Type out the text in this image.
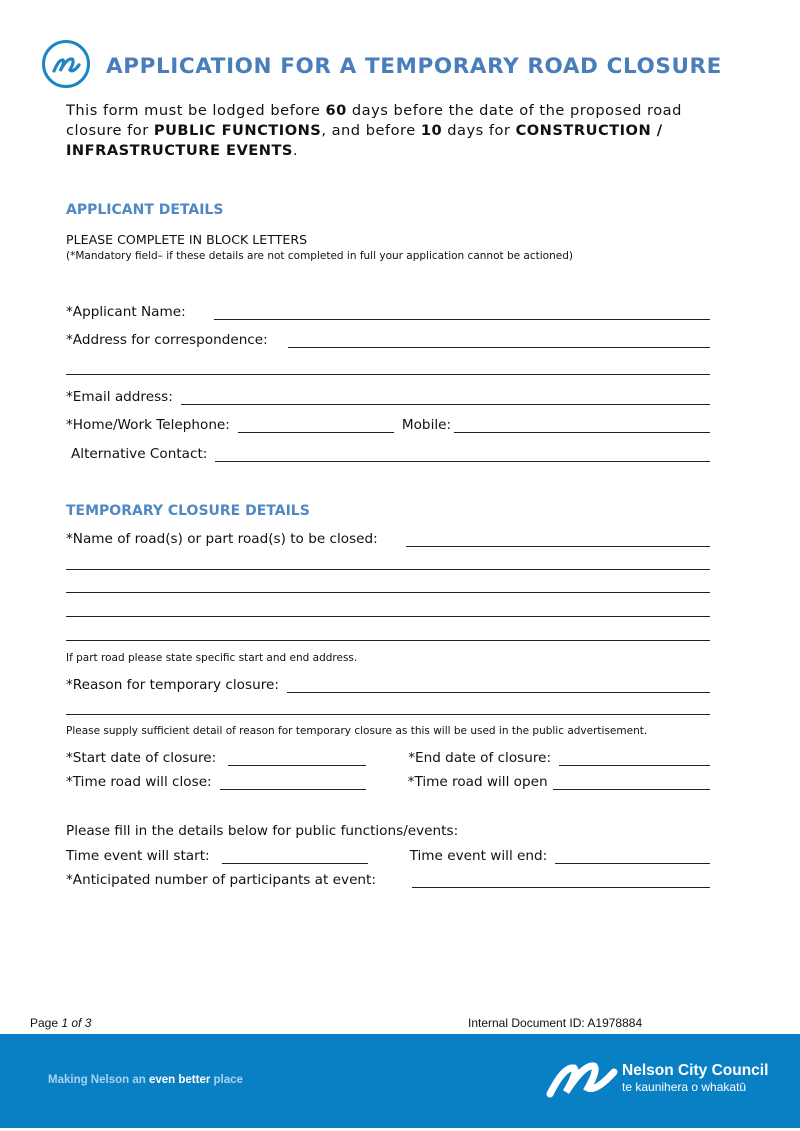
APPLICATION FOR A TEMPORARY ROAD CLOSURE
This form must be lodged before 60 days before the date of the proposed road closure for PUBLIC FUNCTIONS, and before 10 days for CONSTRUCTION / INFRASTRUCTURE EVENTS.
APPLICANT DETAILS
PLEASE COMPLETE IN BLOCK LETTERS
(*Mandatory field– if these details are not completed in full your application cannot be actioned)
*Applicant Name:
*Address for correspondence:
*Email address:
*Home/Work Telephone:	Mobile:
Alternative Contact:
TEMPORARY CLOSURE DETAILS
*Name of road(s) or part road(s) to be closed:
If part road please state specific start and end address.
*Reason for temporary closure:
Please supply sufficient detail of reason for temporary closure as this will be used in the public advertisement.
*Start date of closure:	*End date of closure:
*Time road will close:	*Time road will open
Please fill in the details below for public functions/events:
Time event will start:	Time event will end:
*Anticipated number of participants at event:
Page 1 of 3	Internal Document ID: A1978884
Making Nelson an even better place
Nelson City Council
te kaunihera o whakatū
